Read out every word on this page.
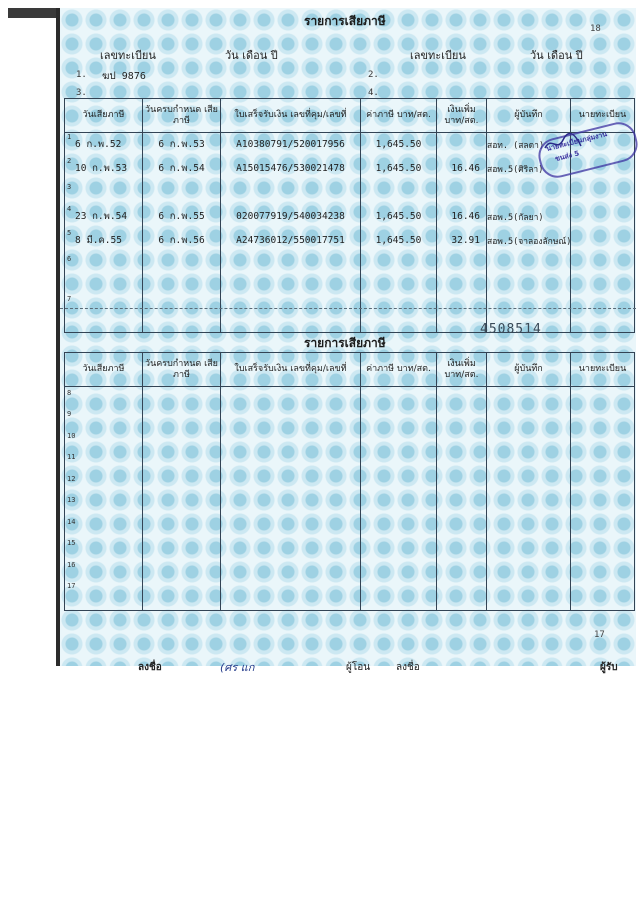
18
รายการเสียภาษี
เลขทะเบียน	วัน เดือน ปี	เลขทะเบียน	วัน เดือน ปี
1. ฆป 9876	2.
3.	4.
วันเสียภาษี	วันครบกำหนด เสียภาษี	ใบเสร็จรับเงิน เลขที่คุม/เลขที่	ค่าภาษี บาท/สต.	เงินเพิ่ม บาท/สต.	ผู้บันทึก	นายทะเบียน
16 ก.พ.52	6 ก.พ.53	A10380791/520017956	1,645.50		สอท. (สลดา)	
210 ก.พ.53	6 ก.พ.54	A15015476/530021478	1,645.50	16.46	สอพ.5(ศิริลา)	
3						
423 ก.พ.54	6 ก.พ.55	020077919/540034238	1,645.50	16.46	สอพ.5(กัลยา)	
58 มี.ค.55	6 ก.พ.56	A24736012/550017751	1,645.50	32.91	สอพ.5(จาลองลักษณ์)	
6						
7						
นายทะเบียนกลุ่มงาน
ขนส่ง 5
4508514
รายการเสียภาษี
วันเสียภาษี	วันครบกำหนด เสียภาษี	ใบเสร็จรับเงิน เลขที่คุม/เลขที่	ค่าภาษี บาท/สต.	เงินเพิ่ม บาท/สต.	ผู้บันทึก	นายทะเบียน
8						
9						
10						
11						
12						
13						
14						
15						
16						
17						
17
ลงชื่อ	(ศร แก	ผู้โอน	ลงชื่อ	ผู้รับ
